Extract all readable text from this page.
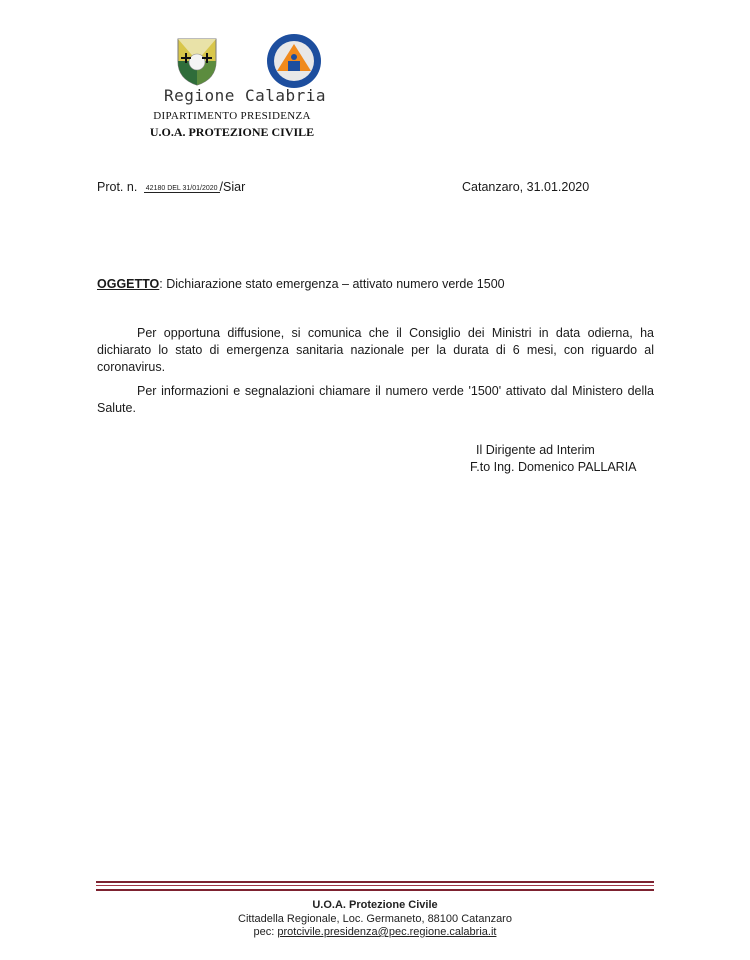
Regione Calabria
DIPARTIMENTO PRESIDENZA
U.O.A. PROTEZIONE CIVILE
Prot. n. 42180 DEL 31/01/2020 /Siar	Catanzaro, 31.01.2020
OGGETTO: Dichiarazione stato emergenza – attivato numero verde 1500
Per opportuna diffusione, si comunica che il Consiglio dei Ministri in data odierna, ha dichiarato lo stato di emergenza sanitaria nazionale per la durata di 6 mesi, con riguardo al coronavirus.
Per informazioni e segnalazioni chiamare il numero verde '1500' attivato dal Ministero della Salute.
Il Dirigente ad Interim
F.to Ing. Domenico PALLARIA
U.O.A. Protezione Civile
Cittadella Regionale, Loc. Germaneto, 88100 Catanzaro
pec: protcivile.presidenza@pec.regione.calabria.it
